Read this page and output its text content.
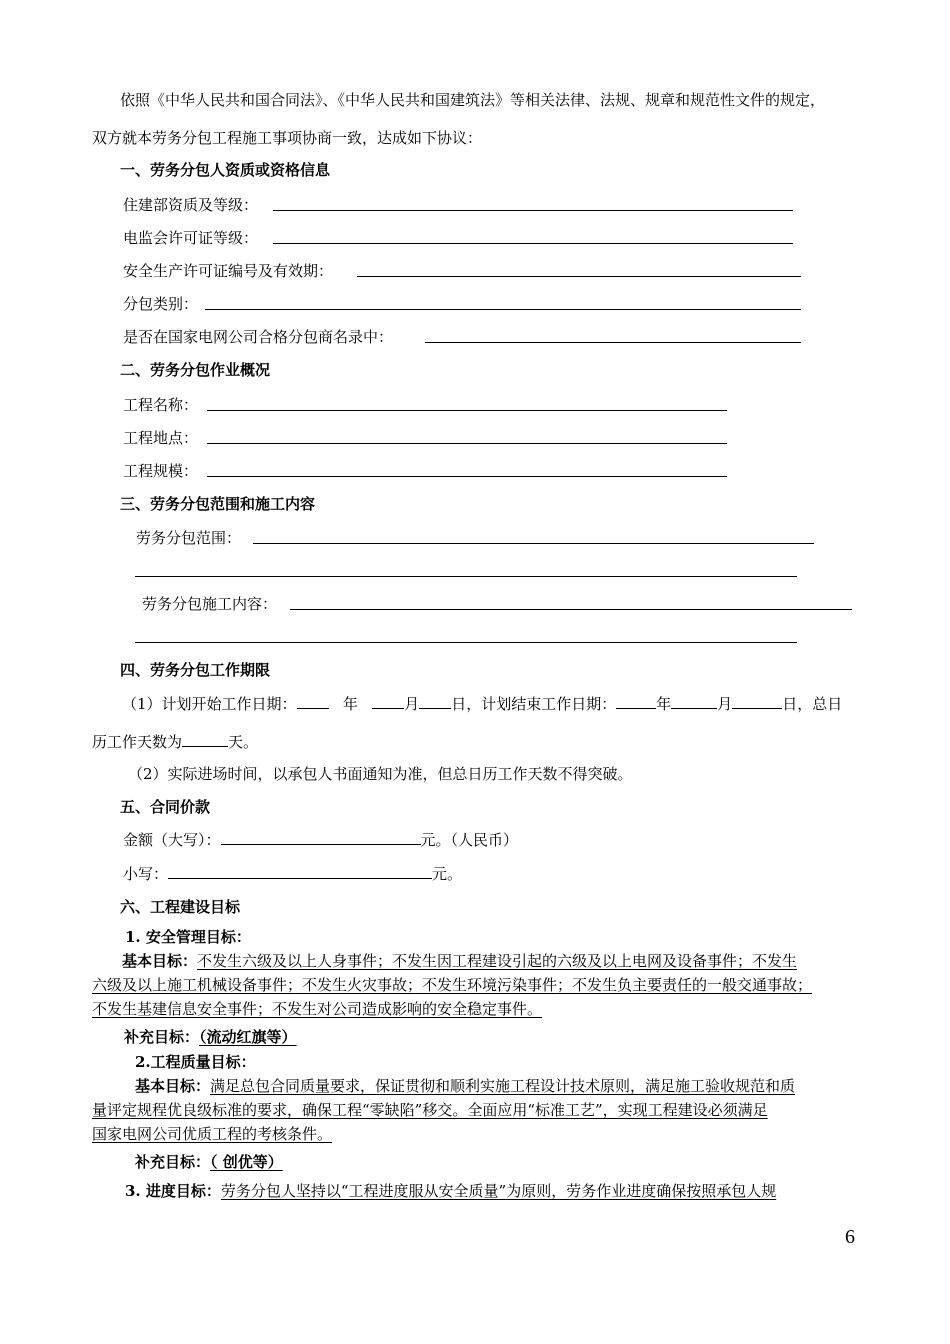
依照《中华人民共和国合同法》、《中华人民共和国建筑法》等相关法律、法规、规章和规范性文件的规定，
双方就本劳务分包工程施工事项协商一致，达成如下协议：
一、劳务分包人资质或资格信息
住建部资质及等级：
电监会许可证等级：
安全生产许可证编号及有效期：
分包类别：
是否在国家电网公司合格分包商名录中：
二、劳务分包作业概况
工程名称：
工程地点：
工程规模：
三、劳务分包范围和施工内容
劳务分包范围：
劳务分包施工内容：
四、劳务分包工作期限
（1）计划开始工作日期：	年	月 日，计划结束工作日期：	年	月	日，总日
历工作天数为	天。
（2）实际进场时间，以承包人书面通知为准，但总日历工作天数不得突破。
五、合同价款
金额（大写）：	元。（人民币）
小写：	元。
六、工程建设目标
1. 安全管理目标：
基本目标：不发生六级及以上人身事件；不发生因工程建设引起的六级及以上电网及设备事件；不发生
六级及以上施工机械设备事件；不发生火灾事故；不发生环境污染事件；不发生负主要责任的一般交通事故；
不发生基建信息安全事件；不发生对公司造成影响的安全稳定事件。
补充目标：（流动红旗等）
2.工程质量目标：
基本目标：满足总包合同质量要求，保证贯彻和顺利实施工程设计技术原则，满足施工验收规范和质
量评定规程优良级标准的要求，确保工程“零缺陷”移交。全面应用“标准工艺”，实现工程建设必须满足
国家电网公司优质工程的考核条件。
补充目标：（ 创优等）
3. 进度目标：劳务分包人坚持以“工程进度服从安全质量”为原则，劳务作业进度确保按照承包人规
6
